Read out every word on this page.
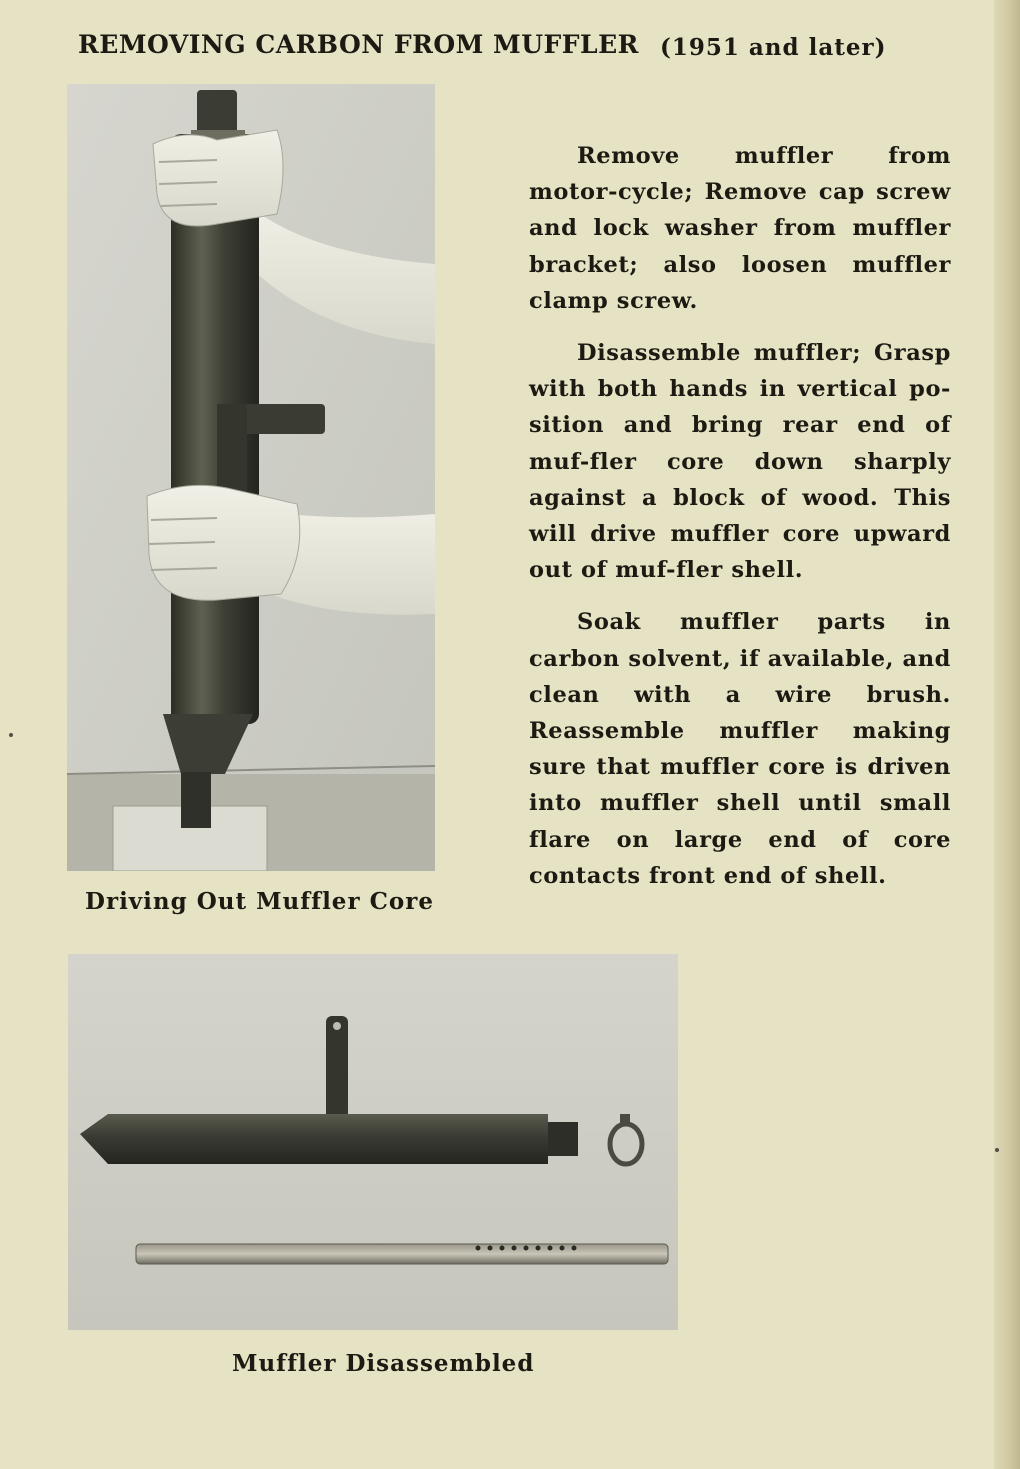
REMOVING CARBON FROM MUFFLER (1951 and later)
Driving Out Muffler Core

Remove muffler from motor-cycle; Remove cap screw and lock washer from muffler bracket; also loosen muffler clamp screw.

Disassemble muffler; Grasp with both hands in vertical po-sition and bring rear end of muf-fler core down sharply against a block of wood. This will drive muffler core upward out of muf-fler shell.

Soak muffler parts in carbon solvent, if available, and clean with a wire brush. Reassemble muffler making sure that muffler core is driven into muffler shell until small flare on large end of core contacts front end of shell.

Muffler Disassembled
